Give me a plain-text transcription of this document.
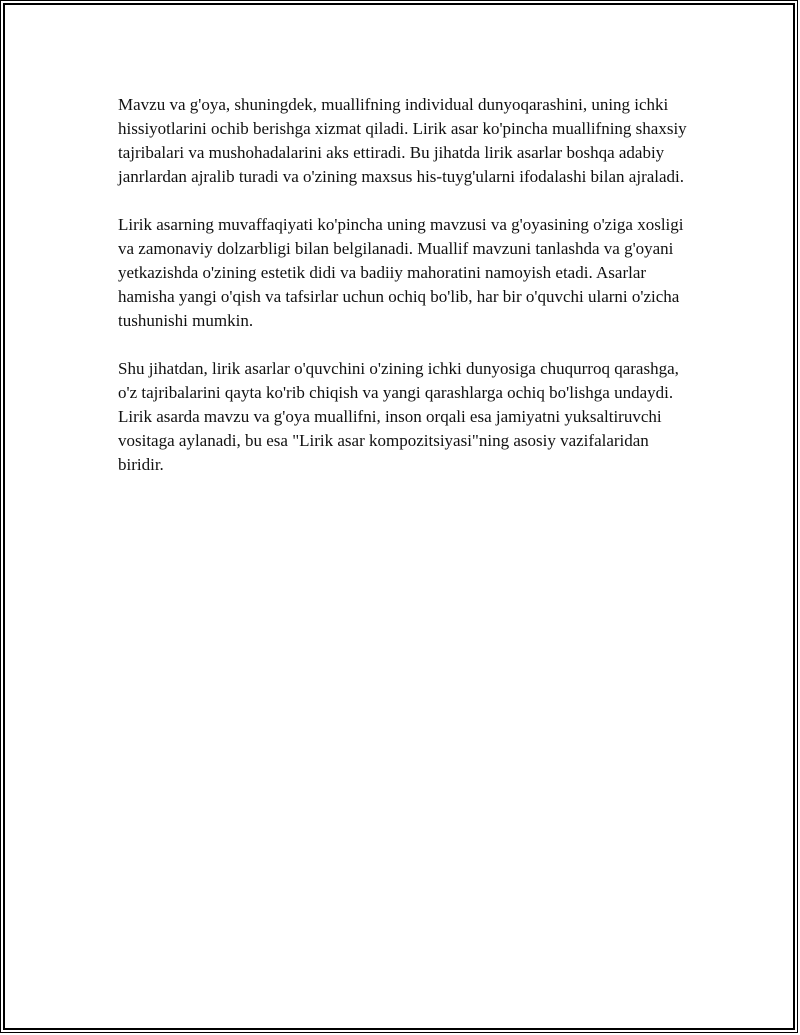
Mavzu va g'oya, shuningdek, muallifning individual dunyoqarashini, uning ichki hissiyotlarini ochib berishga xizmat qiladi. Lirik asar ko'pincha muallifning shaxsiy tajribalari va mushohadalarini aks ettiradi. Bu jihatda lirik asarlar boshqa adabiy janrlardan ajralib turadi va o'zining maxsus his-tuyg'ularni ifodalashi bilan ajraladi.

Lirik asarning muvaffaqiyati ko'pincha uning mavzusi va g'oyasining o'ziga xosligi va zamonaviy dolzarbligi bilan belgilanadi. Muallif mavzuni tanlashda va g'oyani yetkazishda o'zining estetik didi va badiiy mahoratini namoyish etadi. Asarlar hamisha yangi o'qish va tafsirlar uchun ochiq bo'lib, har bir o'quvchi ularni o'zicha tushunishi mumkin.

Shu jihatdan, lirik asarlar o'quvchini o'zining ichki dunyosiga chuqurroq qarashga, o'z tajribalarini qayta ko'rib chiqish va yangi qarashlarga ochiq bo'lishga undaydi. Lirik asarda mavzu va g'oya muallifni, inson orqali esa jamiyatni yuksaltiruvchi vositaga aylanadi, bu esa "Lirik asar kompozitsiyasi"ning asosiy vazifalaridan biridir.
